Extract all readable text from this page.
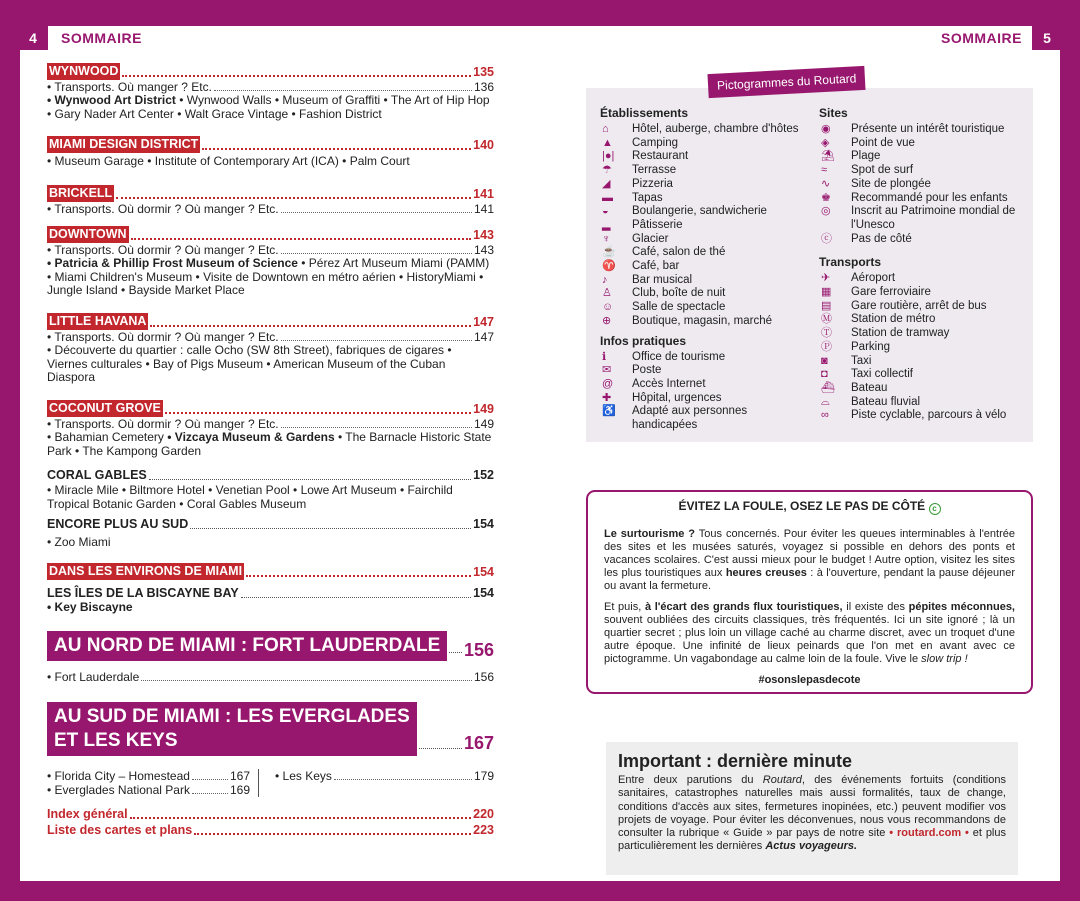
4	5
SOMMAIRE	SOMMAIRE
WYNWOOD	135
• Transports. Où manger ? Etc.	136
• Wynwood Art District • Wynwood Walls • Museum of Graffiti • The Art of Hip Hop • Gary Nader Art Center • Walt Grace Vintage • Fashion District
MIAMI DESIGN DISTRICT	140
• Museum Garage • Institute of Contemporary Art (ICA) • Palm Court
BRICKELL	141
• Transports. Où dormir ? Où manger ? Etc.	141
DOWNTOWN	143
• Transports. Où dormir ? Où manger ? Etc.	143
• Patricia & Phillip Frost Museum of Science • Pérez Art Museum Miami (PAMM) • Miami Children's Museum • Visite de Downtown en métro aérien • HistoryMiami • Jungle Island • Bayside Market Place
LITTLE HAVANA	147
• Transports. Où dormir ? Où manger ? Etc.	147
• Découverte du quartier : calle Ocho (SW 8th Street), fabriques de cigares • Viernes culturales • Bay of Pigs Museum • American Museum of the Cuban Diaspora
COCONUT GROVE	149
• Transports. Où dormir ? Où manger ? Etc.	149
• Bahamian Cemetery • Vizcaya Museum & Gardens • The Barnacle Historic State Park • The Kampong Garden
CORAL GABLES	152
• Miracle Mile • Biltmore Hotel • Venetian Pool • Lowe Art Museum • Fairchild Tropical Botanic Garden • Coral Gables Museum
ENCORE PLUS AU SUD	154
• Zoo Miami
DANS LES ENVIRONS DE MIAMI	154
LES ÎLES DE LA BISCAYNE BAY	154
• Key Biscayne
AU NORD DE MIAMI : FORT LAUDERDALE	156
• Fort Lauderdale	156
AU SUD DE MIAMI : LES EVERGLADES
ET LES KEYS	167
• Florida City – Homestead	167
• Everglades National Park	169
• Les Keys	179
Index général	220
Liste des cartes et plans	223
Établissements
⌂	Hôtel, auberge, chambre d'hôtes
▲	Camping
|●|	Restaurant
☂	Terrasse
◢	Pizzeria
▬	Tapas
◒	Boulangerie, sandwicherie
▂	Pâtisserie
♆	Glacier
☕	Café, salon de thé
♈	Café, bar
♪	Bar musical
♙	Club, boîte de nuit
☺	Salle de spectacle
⊕	Boutique, magasin, marché
Infos pratiques
ℹ	Office de tourisme
✉	Poste
@	Accès Internet
✚	Hôpital, urgences
♿	Adapté aux personnes handicapées
Sites
◉	Présente un intérêt touristique
◈	Point de vue
⛱	Plage
≈	Spot de surf
∿	Site de plongée
♚	Recommandé pour les enfants
◎	Inscrit au Patrimoine mondial de l'Unesco
ⓒ	Pas de côté
Transports
✈	Aéroport
▦	Gare ferroviaire
▤	Gare routière, arrêt de bus
Ⓜ	Station de métro
Ⓣ	Station de tramway
Ⓟ	Parking
◙	Taxi
◘	Taxi collectif
⛴	Bateau
⌓	Bateau fluvial
∞	Piste cyclable, parcours à vélo
Pictogrammes du Routard
ÉVITEZ LA FOULE, OSEZ LE PAS DE CÔTÉ c

Le surtourisme ? Tous concernés. Pour éviter les queues interminables à l'entrée des sites et les musées saturés, voyagez si possible en dehors des ponts et vacances scolaires. C'est aussi mieux pour le budget ! Autre option, visitez les sites les plus touristiques aux heures creuses : à l'ouverture, pendant la pause déjeuner ou avant la fermeture.

Et puis, à l'écart des grands flux touristiques, il existe des pépites méconnues, souvent oubliées des circuits classiques, très fréquentés. Ici un site ignoré ; là un quartier secret ; plus loin un village caché au charme discret, avec un troquet d'une autre époque. Une infinité de lieux peinards que l'on met en avant avec ce pictogramme. Un vagabondage au calme loin de la foule. Vive le slow trip !

#osonslepasdecote

Important : dernière minute

Entre deux parutions du Routard, des événements fortuits (conditions sanitaires, catastrophes naturelles mais aussi formalités, taux de change, conditions d'accès aux sites, fermetures inopinées, etc.) peuvent modifier vos projets de voyage. Pour éviter les déconvenues, nous vous recommandons de consulter la rubrique « Guide » par pays de notre site • routard.com • et plus particulièrement les dernières Actus voyageurs.
